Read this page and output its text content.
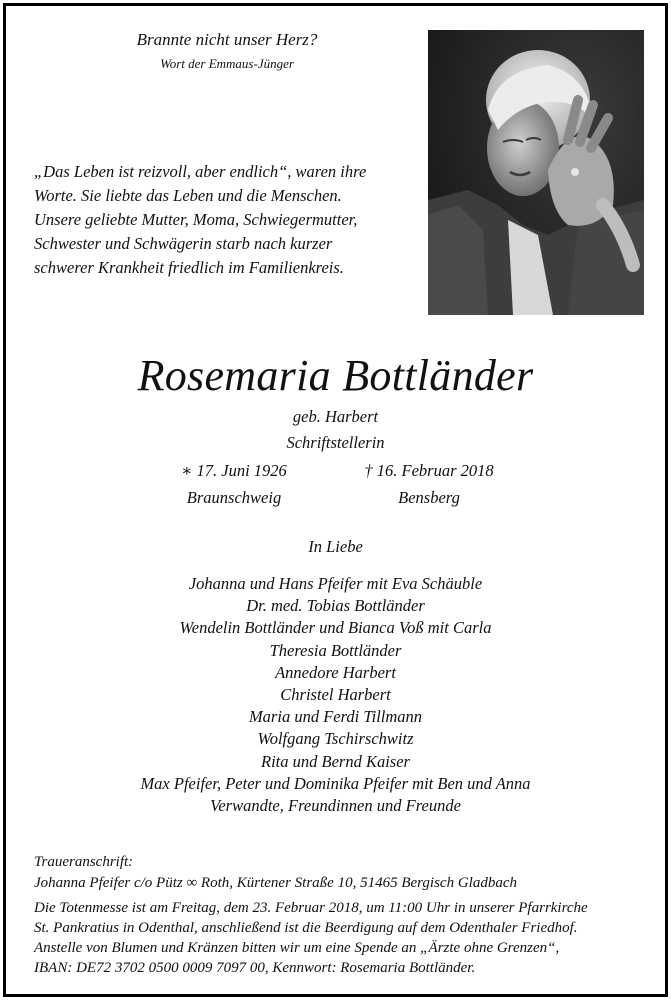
Brannte nicht unser Herz?
Wort der Emmaus-Jünger
„Das Leben ist reizvoll, aber endlich“, waren ihre
Worte. Sie liebte das Leben und die Menschen.
Unsere geliebte Mutter, Moma, Schwiegermutter,
Schwester und Schwägerin starb nach kurzer
schwerer Krankheit friedlich im Familienkreis.
Rosemaria Bottländer
geb. Harbert
Schriftstellerin
∗ 17. Juni 1926	† 16. Februar 2018
Braunschweig	Bensberg
In Liebe
Johanna und Hans Pfeifer mit Eva Schäuble
Dr. med. Tobias Bottländer
Wendelin Bottländer und Bianca Voß mit Carla
Theresia Bottländer
Annedore Harbert
Christel Harbert
Maria und Ferdi Tillmann
Wolfgang Tschirschwitz
Rita und Bernd Kaiser
Max Pfeifer, Peter und Dominika Pfeifer mit Ben und Anna
Verwandte, Freundinnen und Freunde
Traueranschrift:
Johanna Pfeifer c/o Pütz ∞ Roth, Kürtener Straße 10, 51465 Bergisch Gladbach
Die Totenmesse ist am Freitag, dem 23. Februar 2018, um 11:00 Uhr in unserer Pfarrkirche
St. Pankratius in Odenthal, anschließend ist die Beerdigung auf dem Odenthaler Friedhof.
Anstelle von Blumen und Kränzen bitten wir um eine Spende an „Ärzte ohne Grenzen“,
IBAN: DE72 3702 0500 0009 7097 00, Kennwort: Rosemaria Bottländer.
